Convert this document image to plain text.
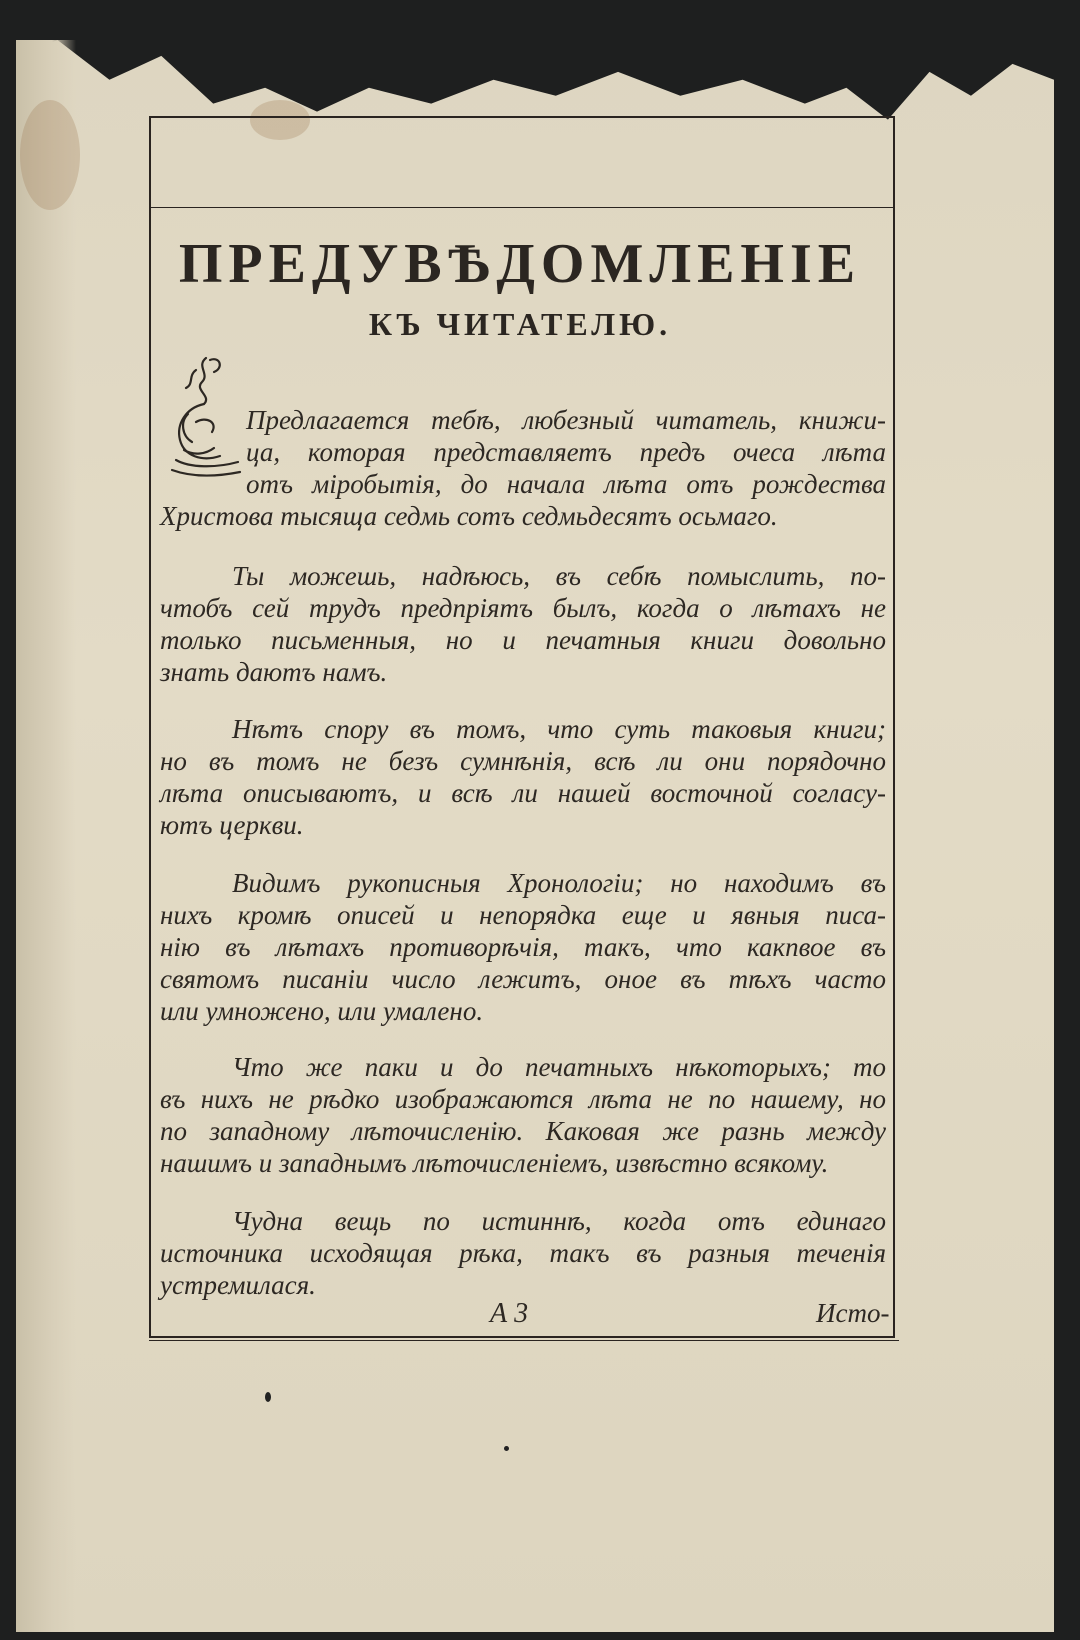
ПРЕДУВѢДОМЛЕНІЕ
КЪ ЧИТАТЕЛЮ.
Предлагается тебѣ, любезный читатель, книжи-
ца, которая представляетъ предъ очеса лѣта
отъ міробытія, до начала лѣта отъ рождества
Христова тысяща седмь сотъ седмьдесятъ осьмаго.
Ты можешь, надѣюсь, въ себѣ помыслить, по-
чтобъ сей трудъ предпріятъ былъ, когда о лѣтахъ не
только письменныя, но и печатныя книги довольно
знать даютъ намъ.
Нѣтъ спору въ томъ, что суть таковыя книги;
но въ томъ не безъ сумнѣнія, всѣ ли они порядочно
лѣта описываютъ, и всѣ ли нашей восточной согласу-
ютъ церкви.
Видимъ рукописныя Хронологіи; но находимъ въ
нихъ кромѣ описей и непорядка еще и явныя писа-
нію въ лѣтахъ противорѣчія, такъ, что какпвое въ
святомъ писаніи число лежитъ, оное въ тѣхъ часто
или умножено, или умалено.
Что же паки и до печатныхъ нѣкоторыхъ; то
въ нихъ не рѣдко изображаются лѣта не по нашему, но
по западному лѣточисленію. Каковая же разнь между
нашимъ и западнымъ лѣточисленіемъ, извѣстно всякому.
Чудна вещь по истиннѣ, когда отъ единаго
источника исходящая рѣка, такъ въ разныя теченія
устремилася.
А 3	Исто-
